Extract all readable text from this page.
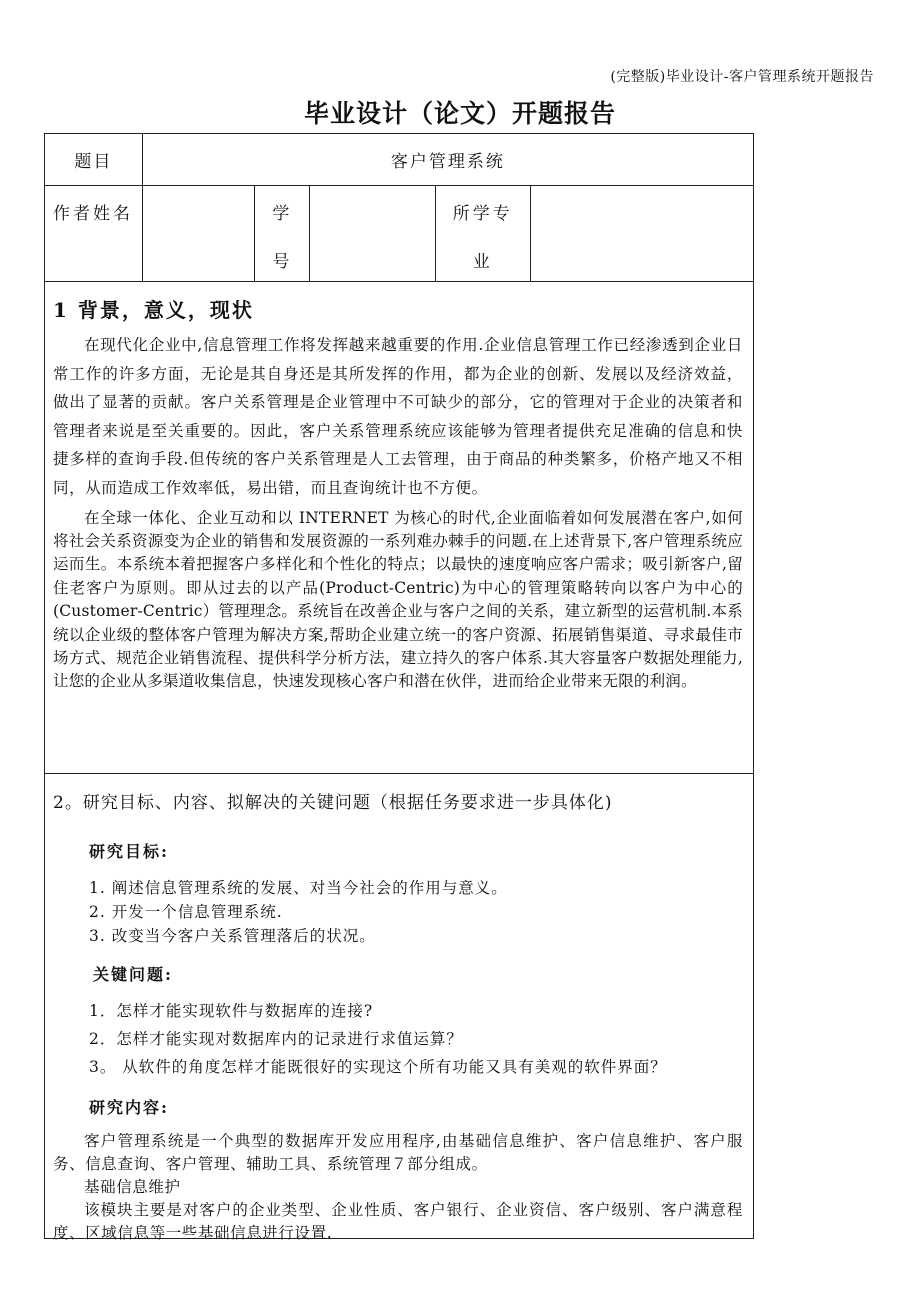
(完整版)毕业设计-客户管理系统开题报告
毕业设计（论文）开题报告
题目	客户管理系统
作者姓名	学
号
所学专
业
1 背景，意义，现状

在现代化企业中,信息管理工作将发挥越来越重要的作用.企业信息管理工作已经渗透到企业日常工作的许多方面，无论是其自身还是其所发挥的作用，都为企业的创新、发展以及经济效益，做出了显著的贡献。客户关系管理是企业管理中不可缺少的部分，它的管理对于企业的决策者和管理者来说是至关重要的。因此，客户关系管理系统应该能够为管理者提供充足准确的信息和快捷多样的查询手段.但传统的客户关系管理是人工去管理，由于商品的种类繁多，价格产地又不相同，从而造成工作效率低，易出错，而且查询统计也不方便。

在全球一体化、企业互动和以 INTERNET 为核心的时代,企业面临着如何发展潜在客户,如何将社会关系资源变为企业的销售和发展资源的一系列难办棘手的问题.在上述背景下,客户管理系统应运而生。本系统本着把握客户多样化和个性化的特点；以最快的速度响应客户需求；吸引新客户,留住老客户为原则。即从过去的以产品(Product-Centric)为中心的管理策略转向以客户为中心的(Customer-Centric）管理理念。系统旨在改善企业与客户之间的关系，建立新型的运营机制.本系统以企业级的整体客户管理为解决方案,帮助企业建立统一的客户资源、拓展销售渠道、寻求最佳市场方式、规范企业销售流程、提供科学分析方法，建立持久的客户体系.其大容量客户数据处理能力,让您的企业从多渠道收集信息，快速发现核心客户和潜在伙伴，进而给企业带来无限的利润。

2。研究目标、内容、拟解决的关键问题（根据任务要求进一步具体化)
研究目标:
1. 阐述信息管理系统的发展、对当今社会的作用与意义。
2. 开发一个信息管理系统.
3. 改变当今客户关系管理落后的状况。
关键问题:
1．怎样才能实现软件与数据库的连接?
2．怎样才能实现对数据库内的记录进行求值运算？
3。 从软件的角度怎样才能既很好的实现这个所有功能又具有美观的软件界面？
研究内容:

客户管理系统是一个典型的数据库开发应用程序,由基础信息维护、客户信息维护、客户服务、信息查询、客户管理、辅助工具、系统管理７部分组成。

基础信息维护

该模块主要是对客户的企业类型、企业性质、客户银行、企业资信、客户级别、客户满意程度、区域信息等一些基础信息进行设置.
